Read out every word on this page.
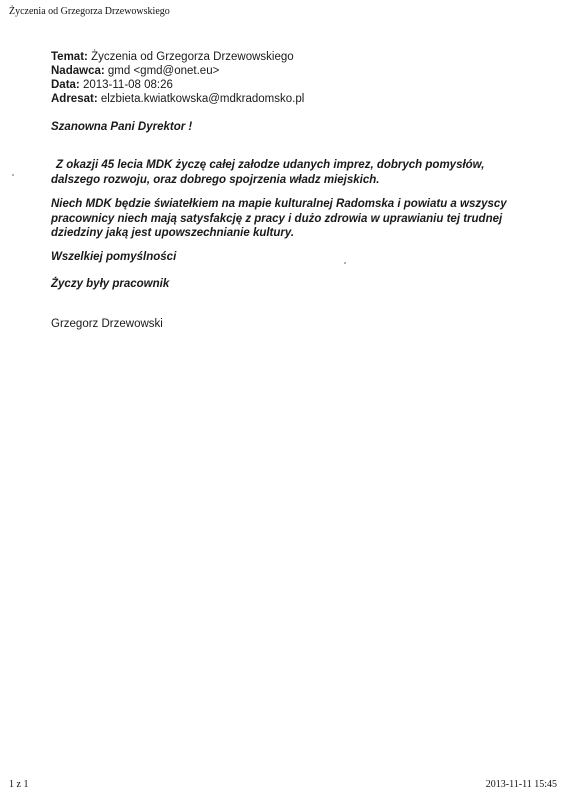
Życzenia od Grzegorza Drzewowskiego
Temat: Życzenia od Grzegorza Drzewowskiego
Nadawca: gmd <gmd@onet.eu>
Data: 2013-11-08 08:26
Adresat: elzbieta.kwiatkowska@mdkradomsko.pl
Szanowna Pani Dyrektor !
Z okazji 45 lecia MDK życzę całej załodze udanych imprez, dobrych pomysłów,
dalszego rozwoju, oraz dobrego spojrzenia władz miejskich.
Niech MDK będzie światełkiem na mapie kulturalnej Radomska i powiatu a wszyscy
pracownicy niech mają satysfakcję z pracy i dużo zdrowia w uprawianiu tej trudnej
dziedziny jaką jest upowszechnianie kultury.
Wszelkiej pomyślności
Życzy były pracownik
Grzegorz Drzewowski
1 z 1	2013-11-11 15:45
